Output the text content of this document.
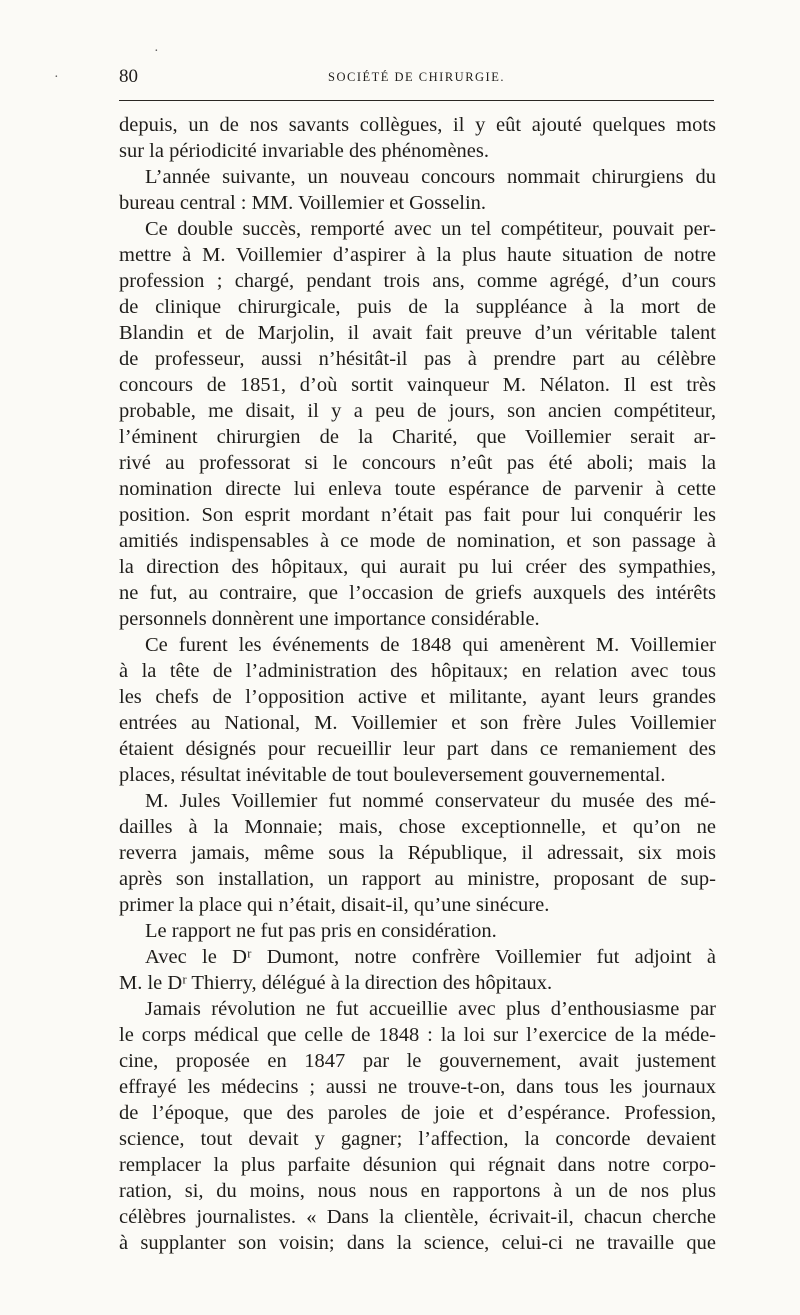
·
·
80	SOCIÉTÉ DE CHIRURGIE.
depuis, un de nos savants collègues, il y eût ajouté quelques mots
sur la périodicité invariable des phénomènes.
L’année suivante, un nouveau concours nommait chirurgiens du
bureau central : MM. Voillemier et Gosselin.
Ce double succès, remporté avec un tel compétiteur, pouvait per-
mettre à M. Voillemier d’aspirer à la plus haute situation de notre
profession ; chargé, pendant trois ans, comme agrégé, d’un cours
de clinique chirurgicale, puis de la suppléance à la mort de
Blandin et de Marjolin, il avait fait preuve d’un véritable talent
de professeur, aussi n’hésitât-il pas à prendre part au célèbre
concours de 1851, d’où sortit vainqueur M. Nélaton. Il est très
probable, me disait, il y a peu de jours, son ancien compétiteur,
l’éminent chirurgien de la Charité, que Voillemier serait ar-
rivé au professorat si le concours n’eût pas été aboli; mais la
nomination directe lui enleva toute espérance de parvenir à cette
position. Son esprit mordant n’était pas fait pour lui conquérir les
amitiés indispensables à ce mode de nomination, et son passage à
la direction des hôpitaux, qui aurait pu lui créer des sympathies,
ne fut, au contraire, que l’occasion de griefs auxquels des intérêts
personnels donnèrent une importance considérable.
Ce furent les événements de 1848 qui amenèrent M. Voillemier
à la tête de l’administration des hôpitaux; en relation avec tous
les chefs de l’opposition active et militante, ayant leurs grandes
entrées au National, M. Voillemier et son frère Jules Voillemier
étaient désignés pour recueillir leur part dans ce remaniement des
places, résultat inévitable de tout bouleversement gouvernemental.
M. Jules Voillemier fut nommé conservateur du musée des mé-
dailles à la Monnaie; mais, chose exceptionnelle, et qu’on ne
reverra jamais, même sous la République, il adressait, six mois
après son installation, un rapport au ministre, proposant de sup-
primer la place qui n’était, disait-il, qu’une sinécure.
Le rapport ne fut pas pris en considération.
Avec le Dʳ Dumont, notre confrère Voillemier fut adjoint à
M. le Dʳ Thierry, délégué à la direction des hôpitaux.
Jamais révolution ne fut accueillie avec plus d’enthousiasme par
le corps médical que celle de 1848 : la loi sur l’exercice de la méde-
cine, proposée en 1847 par le gouvernement, avait justement
effrayé les médecins ; aussi ne trouve-t-on, dans tous les journaux
de l’époque, que des paroles de joie et d’espérance. Profession,
science, tout devait y gagner; l’affection, la concorde devaient
remplacer la plus parfaite désunion qui régnait dans notre corpo-
ration, si, du moins, nous nous en rapportons à un de nos plus
célèbres journalistes. « Dans la clientèle, écrivait-il, chacun cherche
à supplanter son voisin; dans la science, celui-ci ne travaille que
